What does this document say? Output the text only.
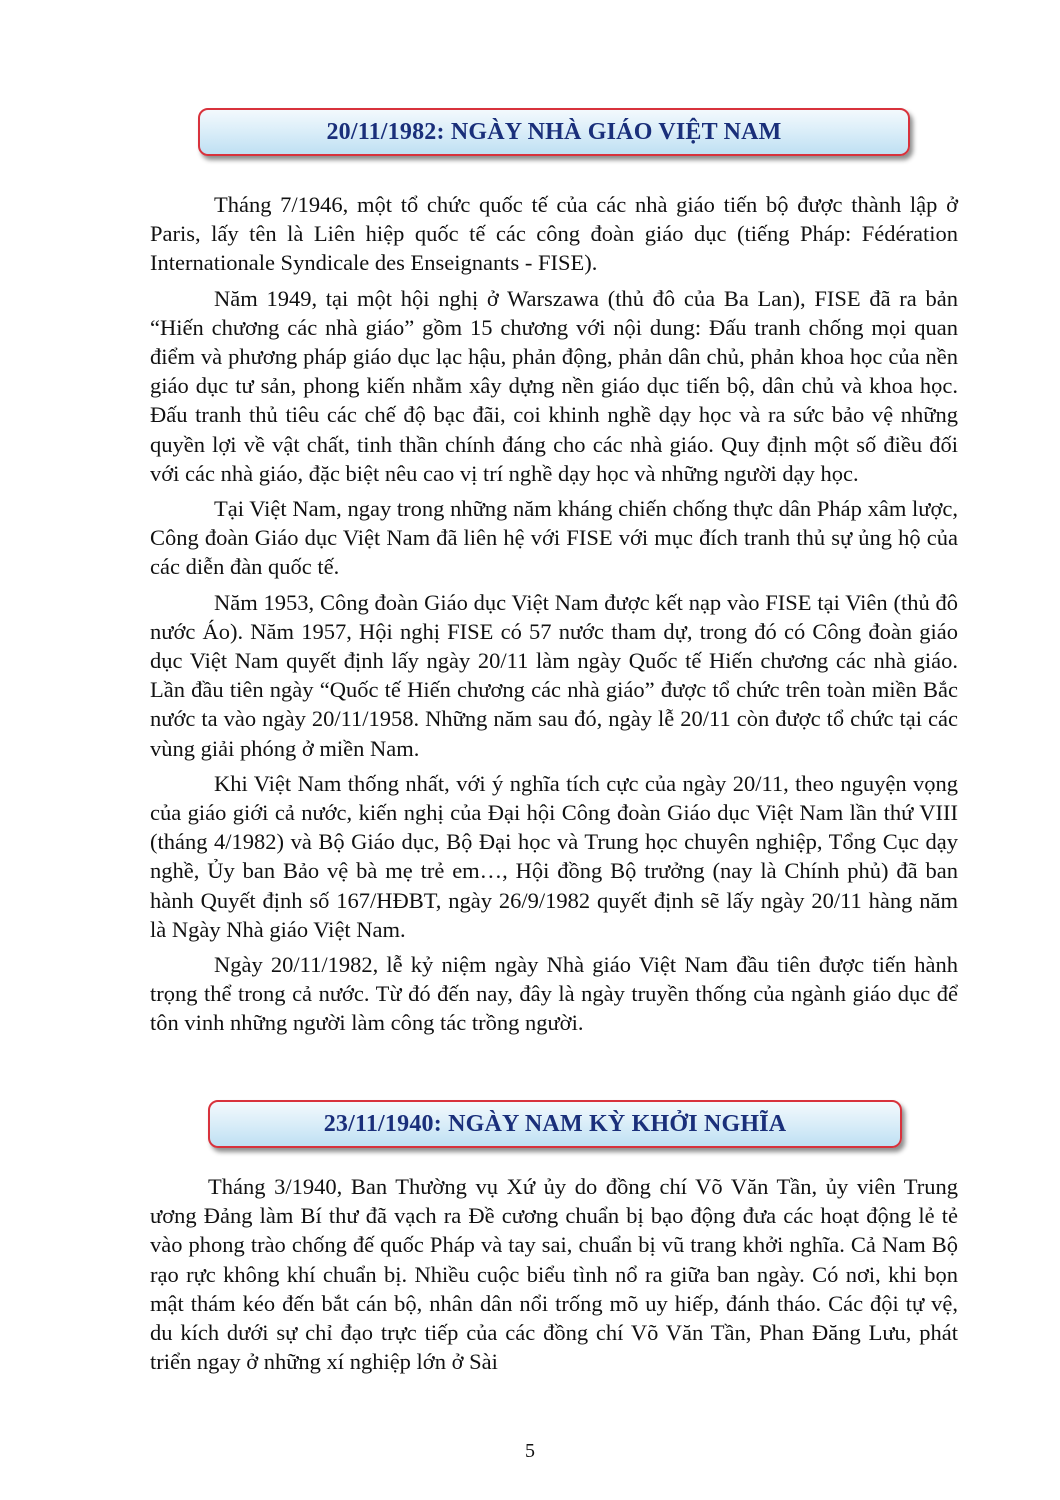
20/11/1982: NGÀY NHÀ GIÁO VIỆT NAM

Tháng 7/1946, một tổ chức quốc tế của các nhà giáo tiến bộ được thành lập ở Paris, lấy tên là Liên hiệp quốc tế các công đoàn giáo dục (tiếng Pháp: Fédération Internationale Syndicale des Enseignants - FISE).

Năm 1949, tại một hội nghị ở Warszawa (thủ đô của Ba Lan), FISE đã ra bản “Hiến chương các nhà giáo” gồm 15 chương với nội dung: Đấu tranh chống mọi quan điểm và phương pháp giáo dục lạc hậu, phản động, phản dân chủ, phản khoa học của nền giáo dục tư sản, phong kiến nhằm xây dựng nền giáo dục tiến bộ, dân chủ và khoa học. Đấu tranh thủ tiêu các chế độ bạc đãi, coi khinh nghề dạy học và ra sức bảo vệ những quyền lợi về vật chất, tinh thần chính đáng cho các nhà giáo. Quy định một số điều đối với các nhà giáo, đặc biệt nêu cao vị trí nghề dạy học và những người dạy học.

Tại Việt Nam, ngay trong những năm kháng chiến chống thực dân Pháp xâm lược, Công đoàn Giáo dục Việt Nam đã liên hệ với FISE với mục đích tranh thủ sự ủng hộ của các diễn đàn quốc tế.

Năm 1953, Công đoàn Giáo dục Việt Nam được kết nạp vào FISE tại Viên (thủ đô nước Áo). Năm 1957, Hội nghị FISE có 57 nước tham dự, trong đó có Công đoàn giáo dục Việt Nam quyết định lấy ngày 20/11 làm ngày Quốc tế Hiến chương các nhà giáo. Lần đầu tiên ngày “Quốc tế Hiến chương các nhà giáo” được tổ chức trên toàn miền Bắc nước ta vào ngày 20/11/1958. Những năm sau đó, ngày lễ 20/11 còn được tổ chức tại các vùng giải phóng ở miền Nam.

Khi Việt Nam thống nhất, với ý nghĩa tích cực của ngày 20/11, theo nguyện vọng của giáo giới cả nước, kiến nghị của Đại hội Công đoàn Giáo dục Việt Nam lần thứ VIII (tháng 4/1982) và Bộ Giáo dục, Bộ Đại học và Trung học chuyên nghiệp, Tổng Cục dạy nghề, Ủy ban Bảo vệ bà mẹ trẻ em…, Hội đồng Bộ trưởng (nay là Chính phủ) đã ban hành Quyết định số 167/HĐBT, ngày 26/9/1982 quyết định sẽ lấy ngày 20/11 hàng năm là Ngày Nhà giáo Việt Nam.

Ngày 20/11/1982, lễ kỷ niệm ngày Nhà giáo Việt Nam đầu tiên được tiến hành trọng thể trong cả nước. Từ đó đến nay, đây là ngày truyền thống của ngành giáo dục để tôn vinh những người làm công tác trồng người.

23/11/1940: NGÀY NAM KỲ KHỞI NGHĨA

Tháng 3/1940, Ban Thường vụ Xứ ủy do đồng chí Võ Văn Tần, ủy viên Trung ương Đảng làm Bí thư đã vạch ra Đề cương chuẩn bị bạo động đưa các hoạt động lẻ tẻ vào phong trào chống đế quốc Pháp và tay sai, chuẩn bị vũ trang khởi nghĩa. Cả Nam Bộ rạo rực không khí chuẩn bị. Nhiều cuộc biểu tình nổ ra giữa ban ngày. Có nơi, khi bọn mật thám kéo đến bắt cán bộ, nhân dân nổi trống mõ uy hiếp, đánh tháo. Các đội tự vệ, du kích dưới sự chỉ đạo trực tiếp của các đồng chí Võ Văn Tần, Phan Đăng Lưu, phát triển ngay ở những xí nghiệp lớn ở Sài

5
